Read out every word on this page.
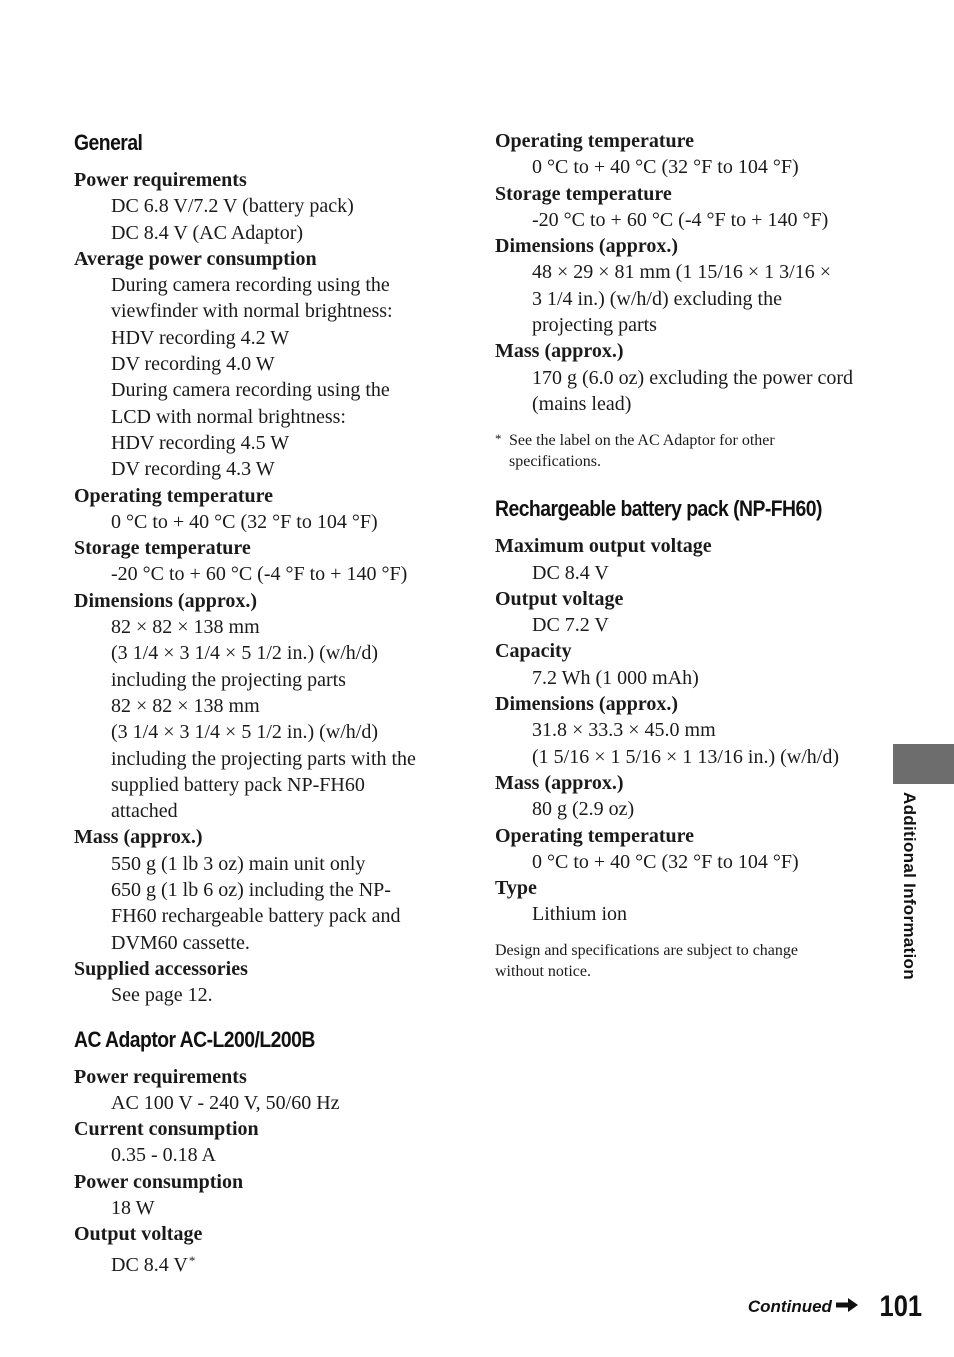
General
Power requirements
DC 6.8 V/7.2 V (battery pack)
DC 8.4 V (AC Adaptor)
Average power consumption
During camera recording using the
viewfinder with normal brightness:
HDV recording 4.2 W
DV recording 4.0 W
During camera recording using the
LCD with normal brightness:
HDV recording 4.5 W
DV recording 4.3 W
Operating temperature
0 °C to + 40 °C (32 °F to 104 °F)
Storage temperature
-20 °C to + 60 °C (-4 °F to + 140 °F)
Dimensions (approx.)
82 × 82 × 138 mm
(3 1/4 × 3 1/4 × 5 1/2 in.) (w/h/d)
including the projecting parts
82 × 82 × 138 mm
(3 1/4 × 3 1/4 × 5 1/2 in.) (w/h/d)
including the projecting parts with the
supplied battery pack NP-FH60
attached
Mass (approx.)
550 g (1 lb 3 oz) main unit only
650 g (1 lb 6 oz) including the NP-
FH60 rechargeable battery pack and
DVM60 cassette.
Supplied accessories
See page 12.
AC Adaptor AC-L200/L200B
Power requirements
AC 100 V - 240 V, 50/60 Hz
Current consumption
0.35 - 0.18 A
Power consumption
18 W
Output voltage
DC 8.4 V*
Operating temperature
0 °C to + 40 °C (32 °F to 104 °F)
Storage temperature
-20 °C to + 60 °C (-4 °F to + 140 °F)
Dimensions (approx.)
48 × 29 × 81 mm (1 15/16 × 1 3/16 ×
3 1/4 in.) (w/h/d) excluding the
projecting parts
Mass (approx.)
170 g (6.0 oz) excluding the power cord
(mains lead)
* See the label on the AC Adaptor for other
specifications.
Rechargeable battery pack (NP-FH60)
Maximum output voltage
DC 8.4 V
Output voltage
DC 7.2 V
Capacity
7.2 Wh (1 000 mAh)
Dimensions (approx.)
31.8 × 33.3 × 45.0 mm
(1 5/16 × 1 5/16 × 1 13/16 in.) (w/h/d)
Mass (approx.)
80 g (2.9 oz)
Operating temperature
0 °C to + 40 °C (32 °F to 104 °F)
Type
Lithium ion
Design and specifications are subject to change
without notice.	Additional Information
Continued 101
